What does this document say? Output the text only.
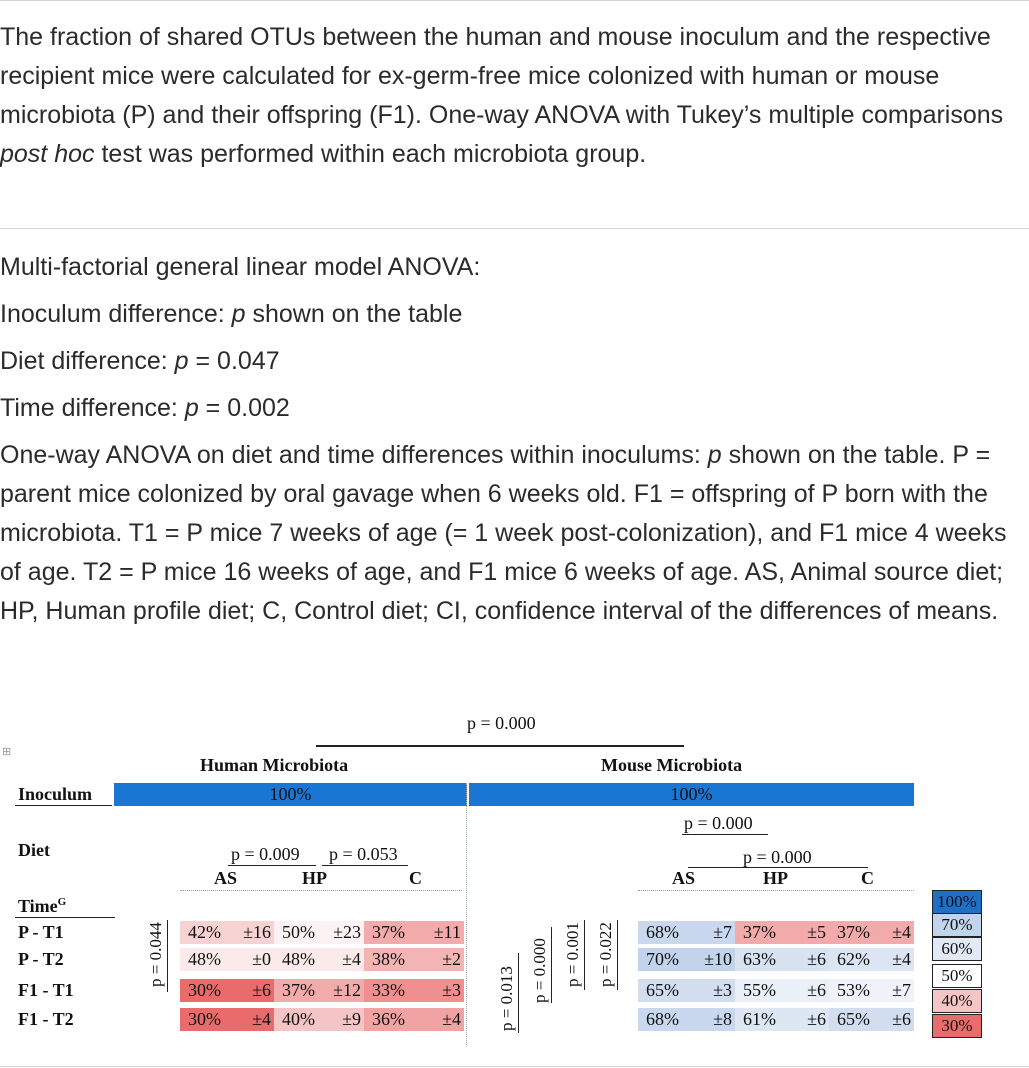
The fraction of shared OTUs between the human and mouse inoculum and the respective recipient mice were calculated for ex-germ-free mice colonized with human or mouse microbiota (P) and their offspring (F1). One-way ANOVA with Tukey’s multiple comparisons post hoc test was performed within each microbiota group.

Multi-factorial general linear model ANOVA:

Inoculum difference: p shown on the table

Diet difference: p = 0.047

Time difference: p = 0.002

One-way ANOVA on diet and time differences within inoculums: p shown on the table. P = parent mice colonized by oral gavage when 6 weeks old. F1 = offspring of P born with the microbiota. T1 = P mice 7 weeks of age (= 1 week post-colonization), and F1 mice 4 weeks of age. T2 = P mice 16 weeks of age, and F1 mice 6 weeks of age. AS, Animal source diet; HP, Human profile diet; C, Control diet; CI, confidence interval of the differences of means.

⊞
p = 0.000
Human Microbiota	Mouse Microbiota
Inoculum	100%	100%
p = 0.000
Diet	p = 0.009 p = 0.053	p = 0.000
AS	HP	C	AS	HP	C
Time$^G$
P - T1	42% ±16 50% ±23 37% ±11	68% ±7 37% ±5 37% ±4
P - T2	48% ±0 48% ±4 38% ±2	70% ±10 63% ±6 62% ±4
F1 - T1	30% ±6 37% ±12 33% ±3	65% ±3 55% ±6 53% ±7
F1 - T2	30% ±4 40% ±9 36% ±4	68% ±8 61% ±6 65% ±6
p = 0.044
p = 0.013 p = 0.000 p = 0.001 p = 0.022
100%
70%
60%
50%
40%
30%
